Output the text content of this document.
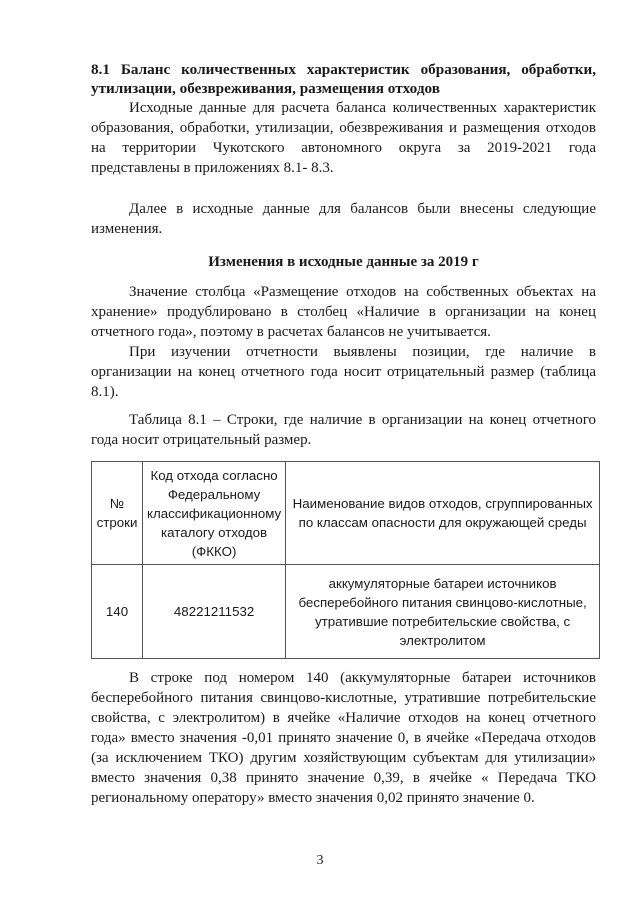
8.1 Баланс количественных характеристик образования, обработки, утилизации, обезвреживания, размещения отходов

Исходные данные для расчета баланса количественных характеристик образования, обработки, утилизации, обезвреживания и размещения отходов на территории Чукотского автономного округа за 2019-2021 года представлены в приложениях 8.1- 8.3.

Далее в исходные данные для балансов были внесены следующие изменения.

Изменения в исходные данные за 2019 г

Значение столбца «Размещение отходов на собственных объектах на хранение» продублировано в столбец «Наличие в организации на конец отчетного года», поэтому в расчетах балансов не учитывается.

При изучении отчетности выявлены позиции, где наличие в организации на конец отчетного года носит отрицательный размер (таблица 8.1).

Таблица 8.1 – Строки, где наличие в организации на конец отчетного года носит отрицательный размер.

№ строки	Код отхода согласно Федеральному классификационному каталогу отходов (ФККО)	Наименование видов отходов, сгруппированных по классам опасности для окружающей среды
140	48221211532	аккумуляторные батареи источников бесперебойного питания свинцово-кислотные, утратившие потребительские свойства, с электролитом

В строке под номером 140 (аккумуляторные батареи источников бесперебойного питания свинцово-кислотные, утратившие потребительские свойства, с электролитом) в ячейке «Наличие отходов на конец отчетного года» вместо значения -0,01 принято значение 0, в ячейке «Передача отходов (за исключением ТКО) другим хозяйствующим субъектам для утилизации» вместо значения 0,38 принято значение 0,39, в ячейке « Передача ТКО региональному оператору» вместо значения 0,02 принято значение 0.

3
